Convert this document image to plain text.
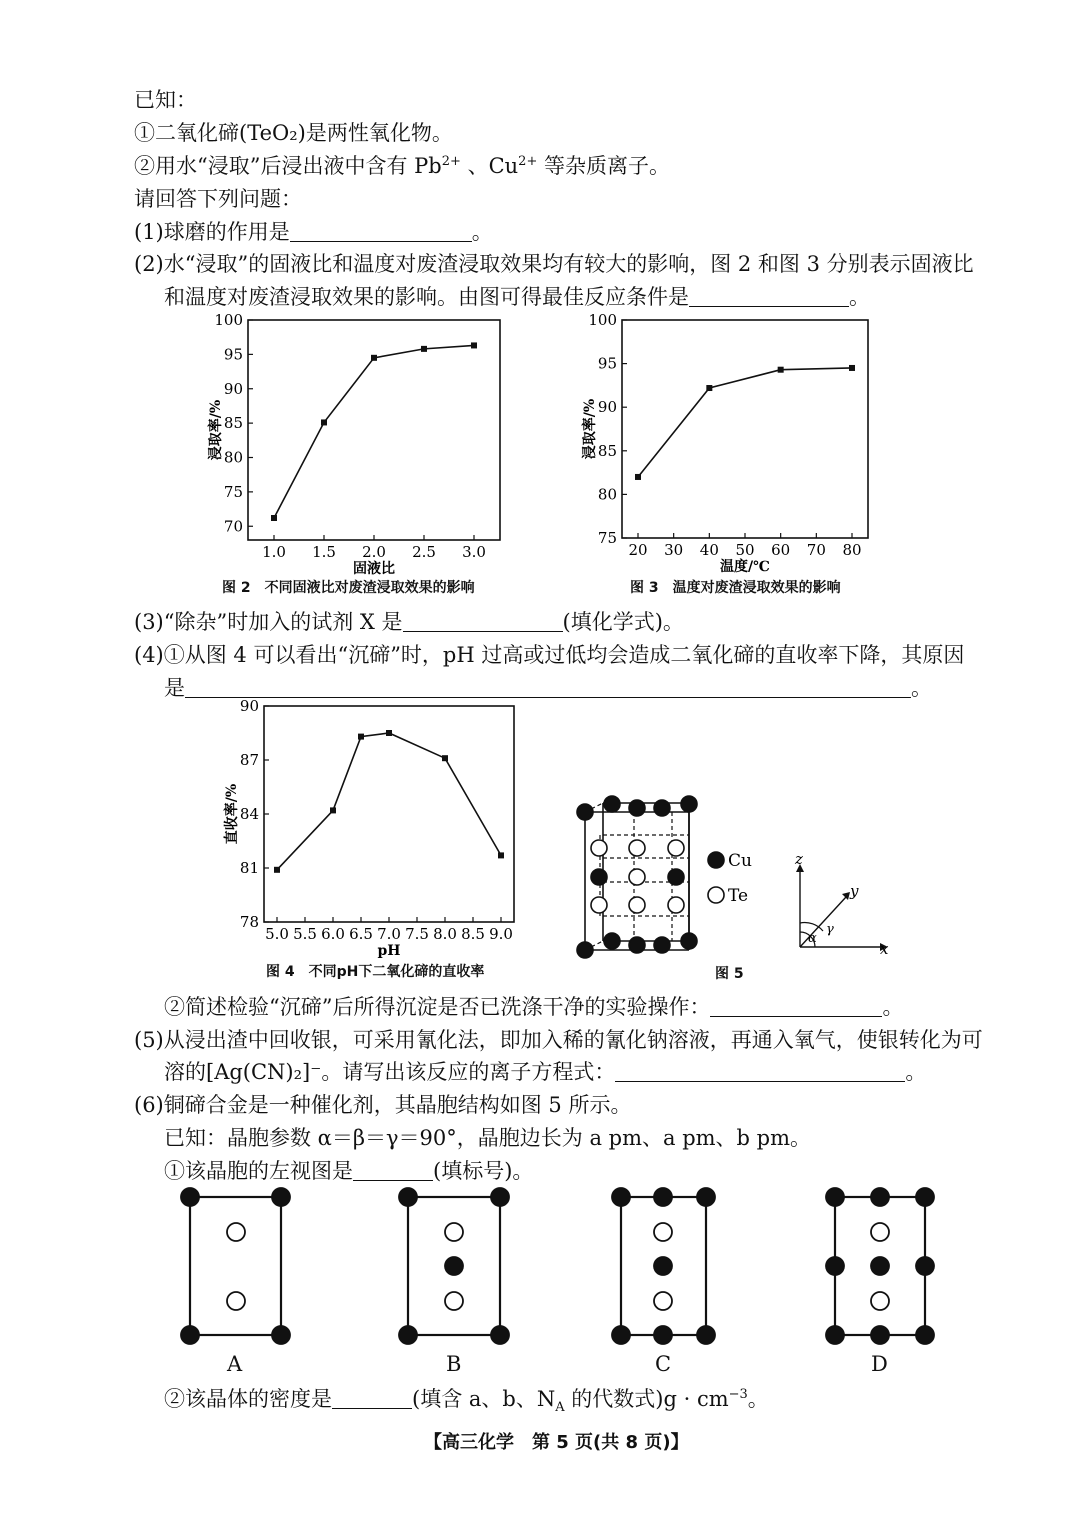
已知：
①二氧化碲(TeO₂)是两性氧化物。
②用水“浸取”后浸出液中含有 $Pb^{2+}$ 、$Cu^{2+}$ 等杂质离子。
请回答下列问题：
(1)球磨的作用是	。
(2)水“浸取”的固液比和温度对废渣浸取效果均有较大的影响，图 2 和图 3 分别表示固液比
和温度对废渣浸取效果的影响。由图可得最佳反应条件是	。
70
75
80
85
90
95
100
1.0 1.5 2.0 2.5 3.0
固液比
浸取率/%
75
80
85
90
95
100
20 30 40 50 60 70 80
温度/℃
浸取率/%
图 2　不同固液比对废渣浸取效果的影响	图 3　温度对废渣浸取效果的影响
(3)“除杂”时加入的试剂 X 是	(填化学式)。
(4)①从图 4 可以看出“沉碲”时，pH 过高或过低均会造成二氧化碲的直收率下降，其原因
是	。
78
81
84
87
90
5.0 5.5 6.0 6.5 7.0 7.5 8.0 8.5 9.0
pH
直收率/%
Cu
Te
x
y
z
α
γ
图 4　不同pH下二氧化碲的直收率	图 5
②简述检验“沉碲”后所得沉淀是否已洗涤干净的实验操作：	。
(5)从浸出渣中回收银，可采用氰化法，即加入稀的氰化钠溶液，再通入氧气，使银转化为可
溶的[Ag(CN)₂]⁻。请写出该反应的离子方程式：	。
(6)铜碲合金是一种催化剂，其晶胞结构如图 5 所示。
已知：晶胞参数 α＝β＝γ＝90°，晶胞边长为 a pm、a pm、b pm。
①该晶胞的左视图是	(填标号)。
A	B	C	D
②该晶体的密度是	(填含 a、b、$N_A$ 的代数式)$g \cdot cm^{-3}$。
【高三化学　第 5 页(共 8 页)】
